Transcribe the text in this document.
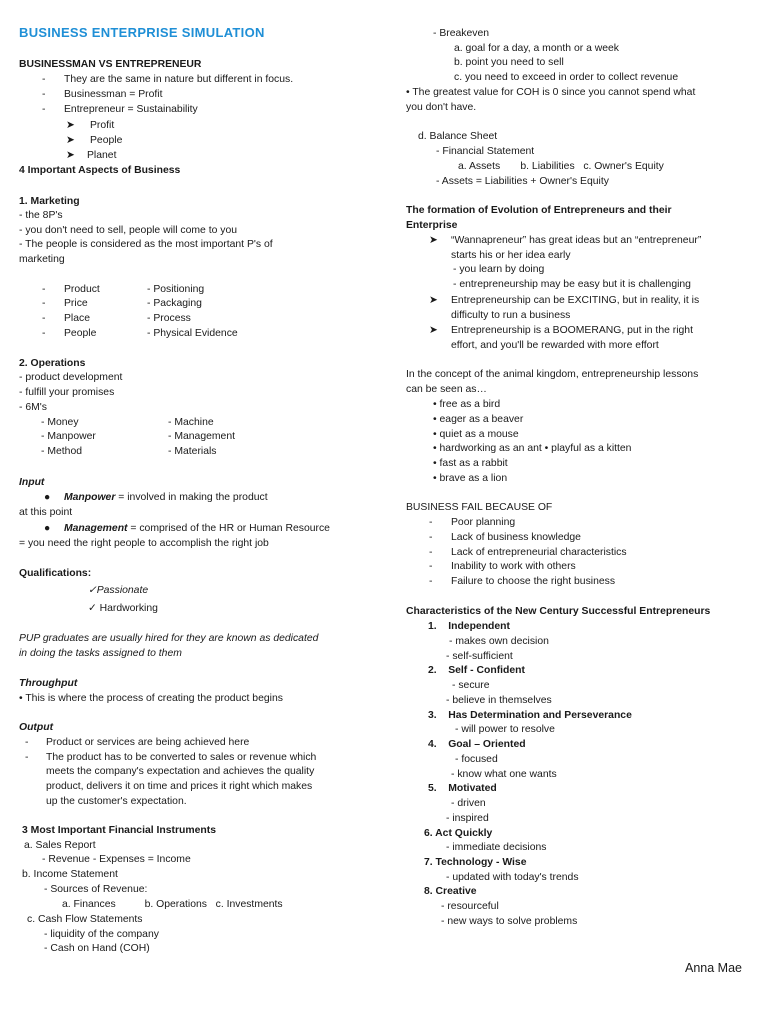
BUSINESS ENTERPRISE SIMULATION
BUSINESSMAN VS ENTREPRENEUR
- They are the same in nature but different in focus.
- Businessman = Profit
- Entrepreneur = Sustainability
➤ Profit
➤ People
➤ Planet
4 Important Aspects of Business
1. Marketing
- the 8P's
- you don't need to sell, people will come to you
- The people is considered as the most important P's of
marketing
- Product	- Positioning
- Price	- Packaging
- Place	- Process
- People	- Physical Evidence
2. Operations
- product development
- fulfill your promises
- 6M's
- Money	- Machine
- Manpower	- Management
- Method	- Materials
Input
● Manpower = involved in making the product
at this point
● Management = comprised of the HR or Human Resource
= you need the right people to accomplish the right job
Qualifications:
✓Passionate
✓ Hardworking
PUP graduates are usually hired for they are known as dedicated
in doing the tasks assigned to them
Throughput
• This is where the process of creating the product begins
Output
- Product or services are being achieved here
- The product has to be converted to sales or revenue which
meets the company's expectation and achieves the quality
product, delivers it on time and prices it right which makes
up the customer's expectation.
3 Most Important Financial Instruments
a. Sales Report
- Revenue - Expenses = Income
b. Income Statement
- Sources of Revenue:
a. Finances          b. Operations   c. Investments
c. Cash Flow Statements
- liquidity of the company
- Cash on Hand (COH)
- Breakeven
a. goal for a day, a month or a week
b. point you need to sell
c. you need to exceed in order to collect revenue
• The greatest value for COH is 0 since you cannot spend what
you don't have.
d. Balance Sheet
- Financial Statement
a. Assets       b. Liabilities   c. Owner's Equity
- Assets = Liabilities + Owner's Equity
The formation of Evolution of Entrepreneurs and their
Enterprise
➤ “Wannapreneur” has great ideas but an “entrepreneur”
starts his or her idea early
- you learn by doing
- entrepreneurship may be easy but it is challenging
➤ Entrepreneurship can be EXCITING, but in reality, it is
difficulty to run a business
➤ Entrepreneurship is a BOOMERANG, put in the right
effort, and you'll be rewarded with more effort
In the concept of the animal kingdom, entrepreneurship lessons
can be seen as…
• free as a bird
• eager as a beaver
• quiet as a mouse
• hardworking as an ant • playful as a kitten
• fast as a rabbit
• brave as a lion
BUSINESS FAIL BECAUSE OF
- Poor planning
- Lack of business knowledge
- Lack of entrepreneurial characteristics
- Inability to work with others
- Failure to choose the right business
Characteristics of the New Century Successful Entrepreneurs
1.    Independent
- makes own decision
- self-sufficient
2.    Self - Confident
- secure
- believe in themselves
3.    Has Determination and Perseverance
- will power to resolve
4.    Goal – Oriented
- focused
- know what one wants
5.    Motivated
- driven
- inspired
6. Act Quickly
- immediate decisions
7. Technology - Wise
- updated with today's trends
8. Creative
- resourceful
- new ways to solve problems
Anna Mae
